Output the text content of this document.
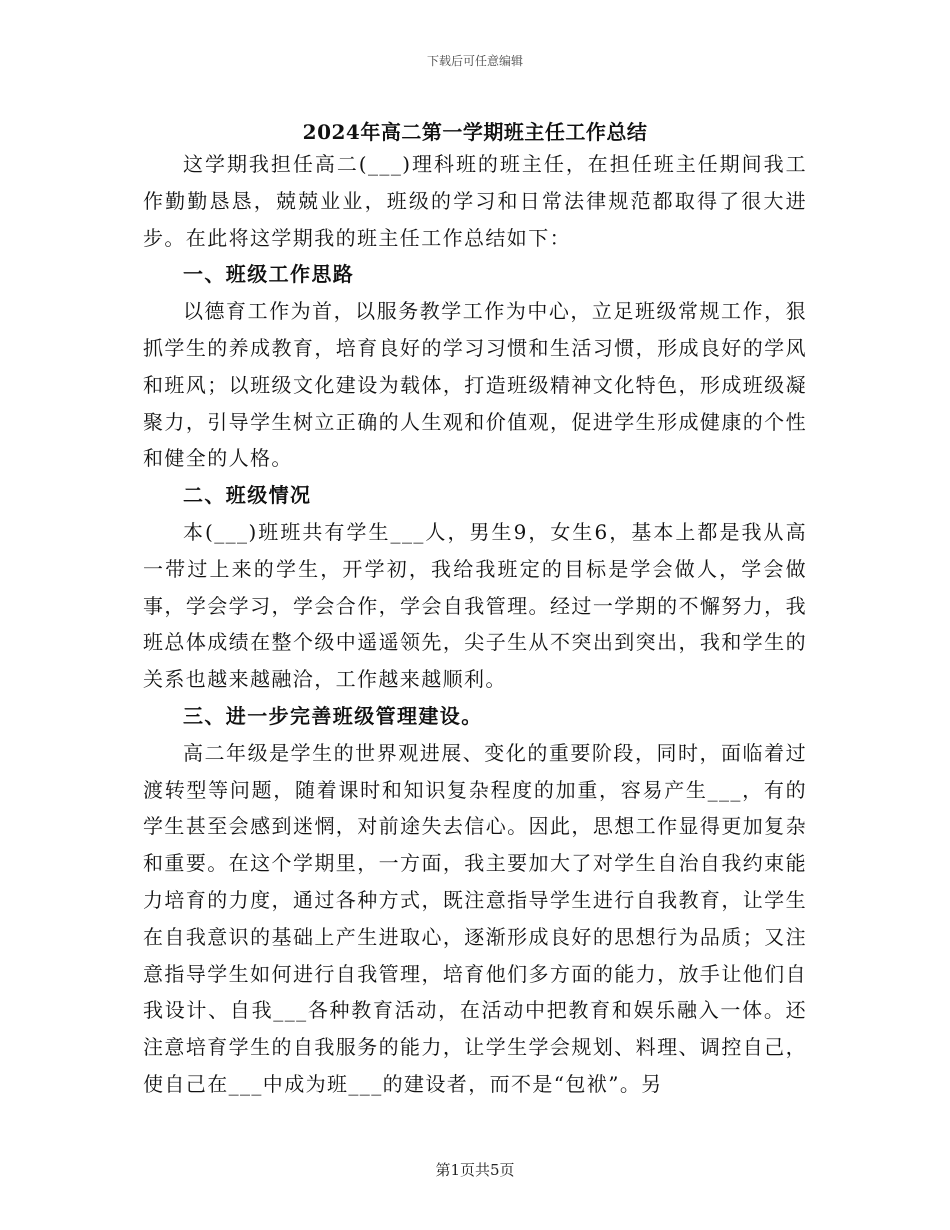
下载后可任意编辑
2024年高二第一学期班主任工作总结

这学期我担任高二(___)理科班的班主任，在担任班主任期间我工作勤勤恳恳，兢兢业业，班级的学习和日常法律规范都取得了很大进步。在此将这学期我的班主任工作总结如下：

一、班级工作思路

以德育工作为首，以服务教学工作为中心，立足班级常规工作，狠抓学生的养成教育，培育良好的学习习惯和生活习惯，形成良好的学风和班风；以班级文化建设为载体，打造班级精神文化特色，形成班级凝聚力，引导学生树立正确的人生观和价值观，促进学生形成健康的个性和健全的人格。

二、班级情况

本(___)班班共有学生___人，男生9，女生6，基本上都是我从高一带过上来的学生，开学初，我给我班定的目标是学会做人，学会做事，学会学习，学会合作，学会自我管理。经过一学期的不懈努力，我班总体成绩在整个级中遥遥领先，尖子生从不突出到突出，我和学生的关系也越来越融洽，工作越来越顺利。

三、进一步完善班级管理建设。

高二年级是学生的世界观进展、变化的重要阶段，同时，面临着过渡转型等问题，随着课时和知识复杂程度的加重，容易产生___，有的学生甚至会感到迷惘，对前途失去信心。因此，思想工作显得更加复杂和重要。在这个学期里，一方面，我主要加大了对学生自治自我约束能力培育的力度，通过各种方式，既注意指导学生进行自我教育，让学生在自我意识的基础上产生进取心，逐渐形成良好的思想行为品质；又注意指导学生如何进行自我管理，培育他们多方面的能力，放手让他们自我设计、自我___各种教育活动，在活动中把教育和娱乐融入一体。还注意培育学生的自我服务的能力，让学生学会规划、料理、调控自己，使自己在___中成为班___的建设者，而不是“包袱”。另

第1页共5页
